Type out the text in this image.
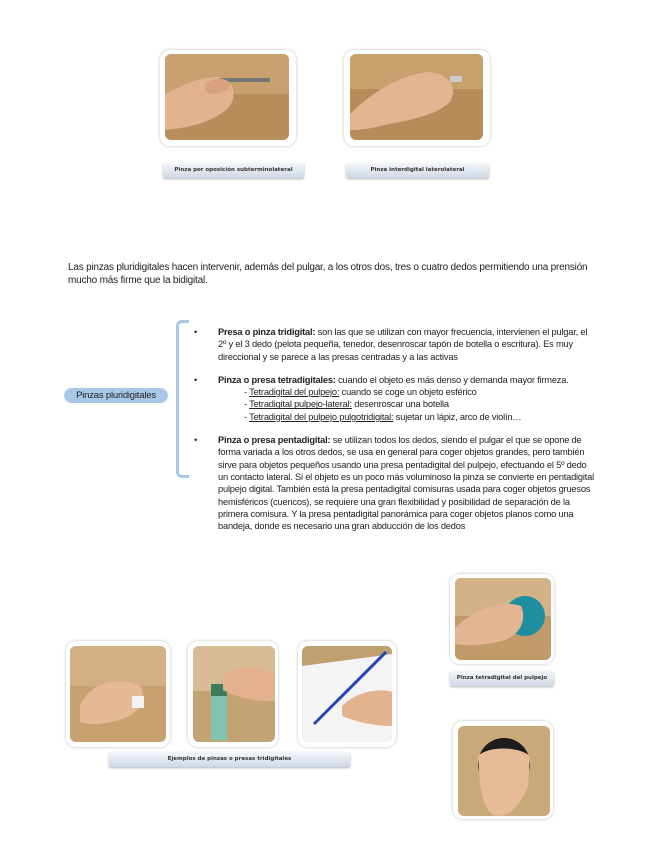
Pinza por oposición subterminolateral	Pinza interdigital laterolateral
Las pinzas pluridigitales hacen intervenir, además del pulgar, a los otros dos, tres o cuatro dedos permitiendo una prensión mucho más firme que la bidigital.
Pinzas pluridigitales
• Presa o pinza tridigital: son las que se utilizan con mayor frecuencia, intervienen el pulgar, el 2º y el 3 dedo (pelota pequeña, tenedor, desenroscar tapón de botella o escritura). Es muy direccional y se parece a las presas centradas y a las activas
• Pinza o presa tetradigitales: cuando el objeto es más denso y demanda mayor firmeza.
- Tetradigital del pulpejo: cuando se coge un objeto esférico
- Tetradigital pulpejo-lateral: desenroscar una botella
- Tetradigital del pulpejo pulgotridigital: sujetar un lápiz, arco de violín…
• Pinza o presa pentadigital: se utilizan todos los dedos, siendo el pulgar el que se opone de forma variada a los otros dedos, se usa en general para coger objetos grandes, pero también sirve para objetos pequeños usando una presa pentadigital del pulpejo, efectuando el 5º dedo un contacto lateral. Si el objeto es un poco más voluminoso la pinza se convierte en pentadigital pulpejo digital. También está la presa pentadigital comisuras usada para coger objetos gruesos hemisféricos (cuencos), se requiere una gran flexibilidad y posibilidad de separación de la primera comisura. Y la presa pentadigital panorámica para coger objetos planos como una bandeja, donde es necesario una gran abducción de los dedos
Ejemplos de pinzas o presas tridigitales
Pinza tetradigital del pulpejo
